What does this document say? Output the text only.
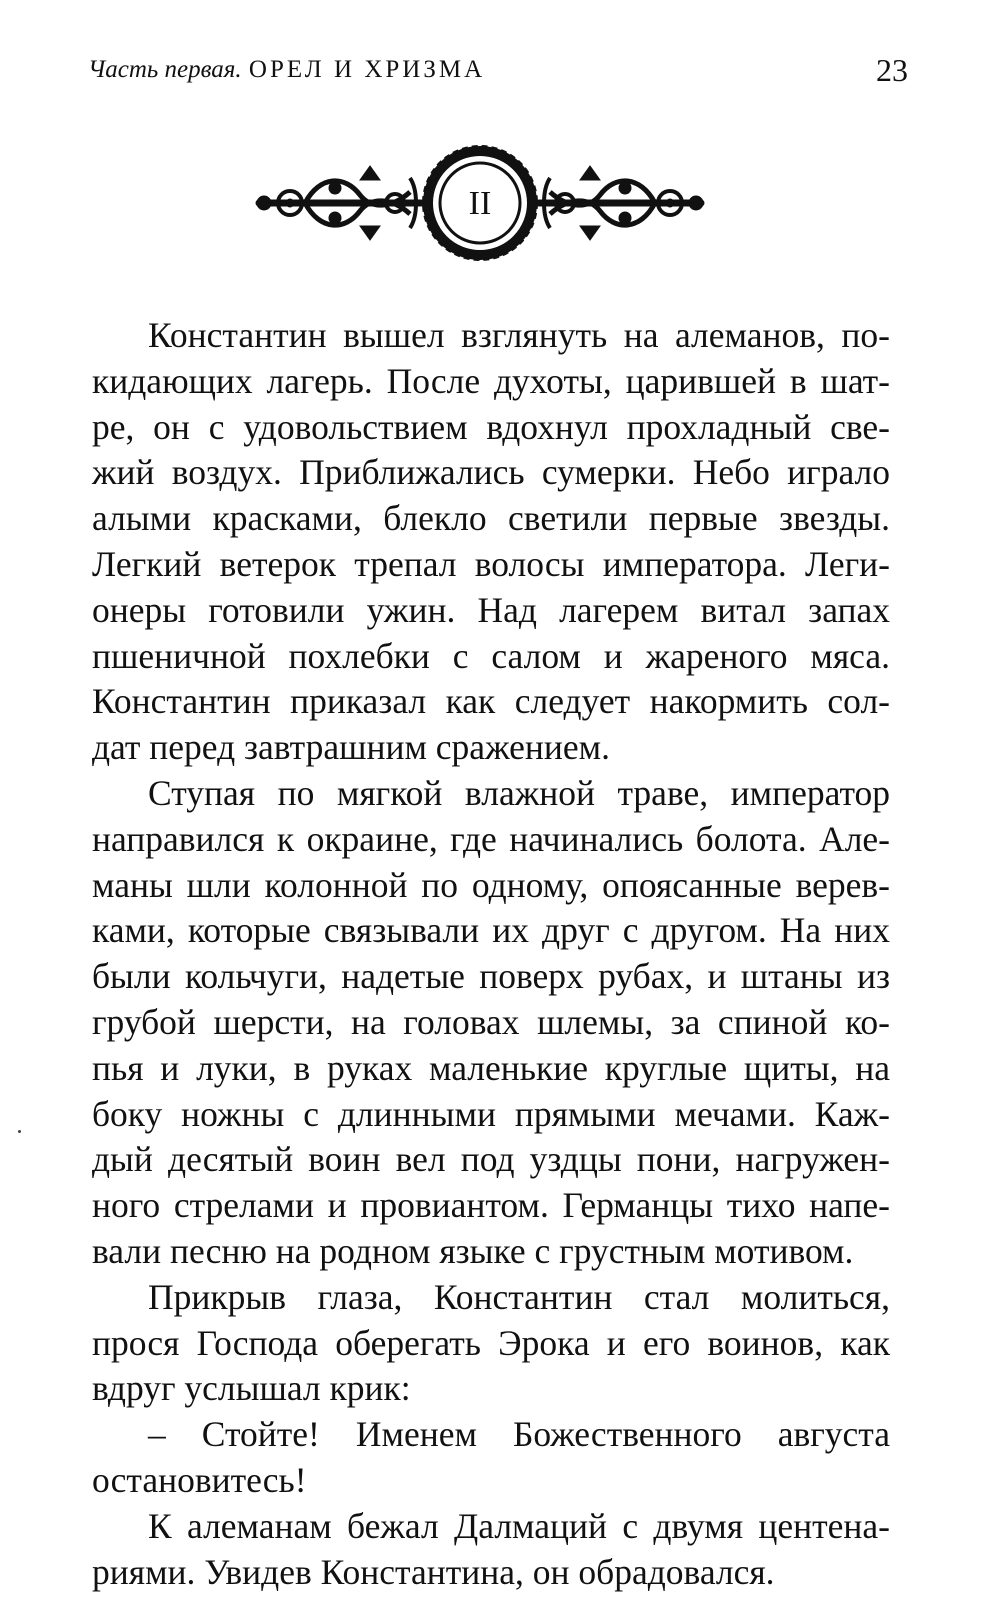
Часть первая. ОРЕЛ И ХРИЗМА	23
II

Константин вышел взглянуть на алеманов, по-
кидающих лагерь. После духоты, царившей в шат-
ре, он с удовольствием вдохнул прохладный све-
жий воздух. Приближались сумерки. Небо играло
алыми красками, блекло светили первые звезды.
Легкий ветерок трепал волосы императора. Леги-
онеры готовили ужин. Над лагерем витал запах
пшеничной похлебки с салом и жареного мяса.
Константин приказал как следует накормить сол-
дат перед завтрашним сражением.

Ступая по мягкой влажной траве, император
направился к окраине, где начинались болота. Але-
маны шли колонной по одному, опоясанные верев-
ками, которые связывали их друг с другом. На них
были кольчуги, надетые поверх рубах, и штаны из
грубой шерсти, на головах шлемы, за спиной ко-
пья и луки, в руках маленькие круглые щиты, на
боку ножны с длинными прямыми мечами. Каж-
дый десятый воин вел под уздцы пони, нагружен-
ного стрелами и провиантом. Германцы тихо напе-
вали песню на родном языке с грустным мотивом.

Прикрыв глаза, Константин стал молиться,
прося Господа оберегать Эрока и его воинов, как
вдруг услышал крик:

– Стойте! Именем Божественного августа
остановитесь!

К алеманам бежал Далмаций с двумя центена-
риями. Увидев Константина, он обрадовался.
